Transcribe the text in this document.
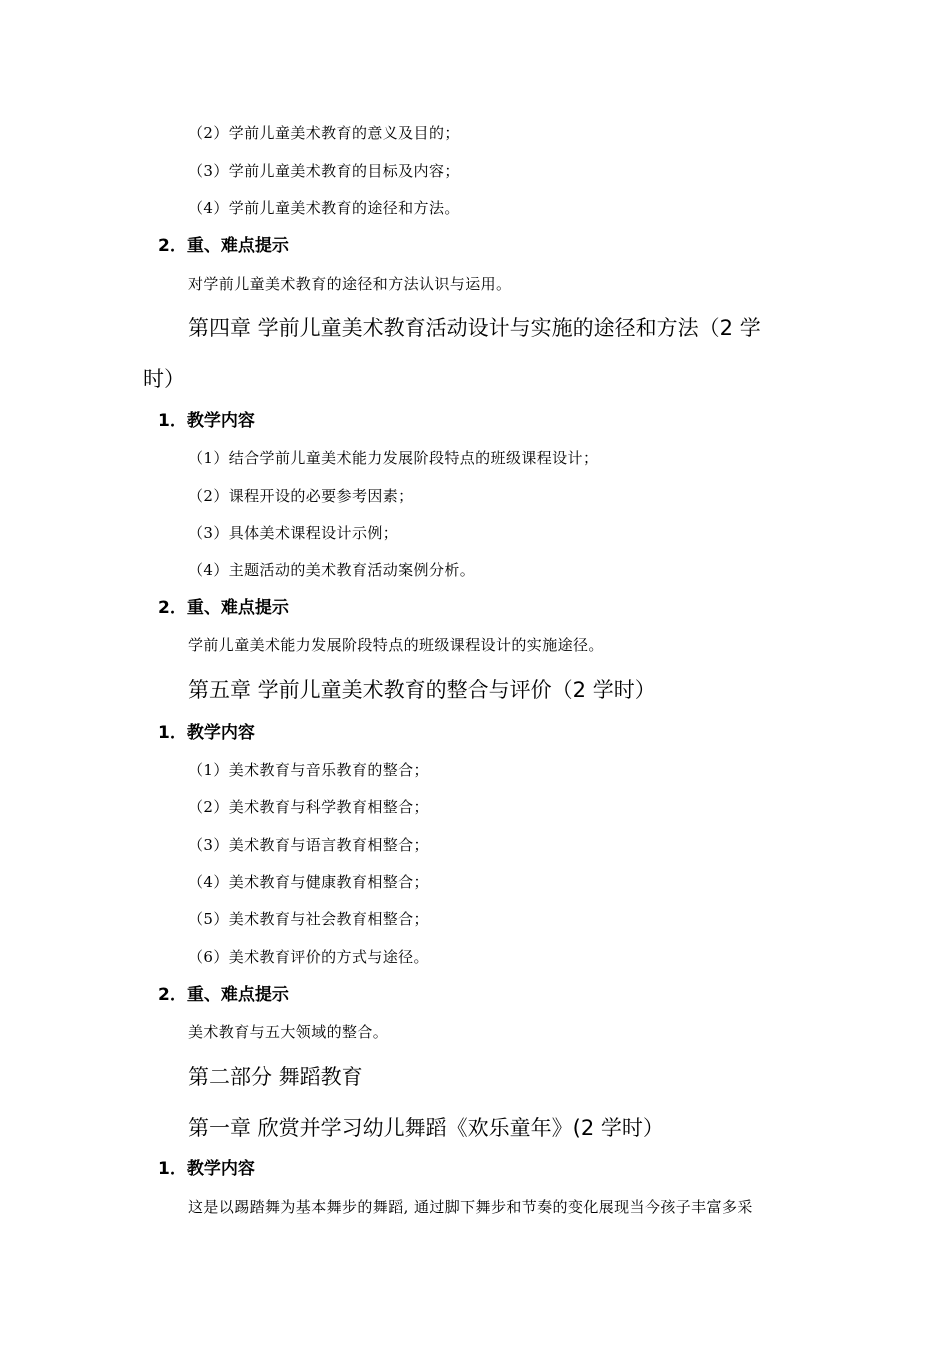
（2）学前儿童美术教育的意义及目的；
（3）学前儿童美术教育的目标及内容；
（4）学前儿童美术教育的途径和方法。
2．重、难点提示
对学前儿童美术教育的途径和方法认识与运用。
第四章 学前儿童美术教育活动设计与实施的途径和方法（2 学
时）
1．教学内容
（1）结合学前儿童美术能力发展阶段特点的班级课程设计；
（2）课程开设的必要参考因素；
（3）具体美术课程设计示例；
（4）主题活动的美术教育活动案例分析。
2．重、难点提示
学前儿童美术能力发展阶段特点的班级课程设计的实施途径。
第五章 学前儿童美术教育的整合与评价（2 学时）
1．教学内容
（1）美术教育与音乐教育的整合；
（2）美术教育与科学教育相整合；
（3）美术教育与语言教育相整合；
（4）美术教育与健康教育相整合；
（5）美术教育与社会教育相整合；
（6）美术教育评价的方式与途径。
2．重、难点提示
美术教育与五大领域的整合。
第二部分 舞蹈教育
第一章 欣赏并学习幼儿舞蹈《欢乐童年》(2 学时）
1．教学内容
这是以踢踏舞为基本舞步的舞蹈, 通过脚下舞步和节奏的变化展现当今孩子丰富多采
